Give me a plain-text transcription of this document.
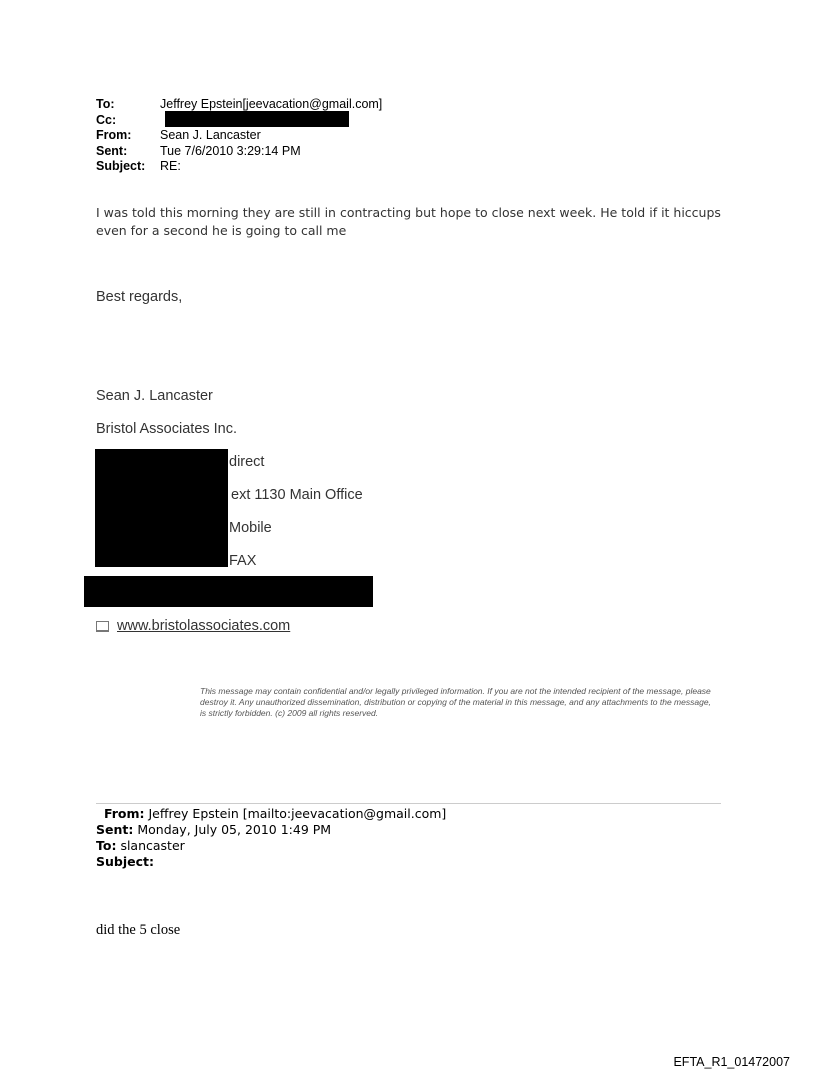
To:	Jeffrey Epstein[jeevacation@gmail.com]
Cc:
From:	Sean J. Lancaster
Sent:	Tue 7/6/2010 3:29:14 PM
Subject:	RE:
I was told this morning they are still in contracting but hope to close next week. He told if it hiccups even for a second he is going to call me
Best regards,
Sean J. Lancaster
Bristol Associates Inc.
direct
ext 1130 Main Office
Mobile
FAX
www.bristolassociates.com
This message may contain confidential and/or legally privileged information. If you are not the intended recipient of the message, please destroy it. Any unauthorized dissemination, distribution or copying of the material in this message, and any attachments to the message, is strictly forbidden. (c) 2009 all rights reserved.
From: Jeffrey Epstein [mailto:jeevacation@gmail.com]
Sent: Monday, July 05, 2010 1:49 PM
To: slancaster
Subject:
did the 5 close
EFTA_R1_01472007
